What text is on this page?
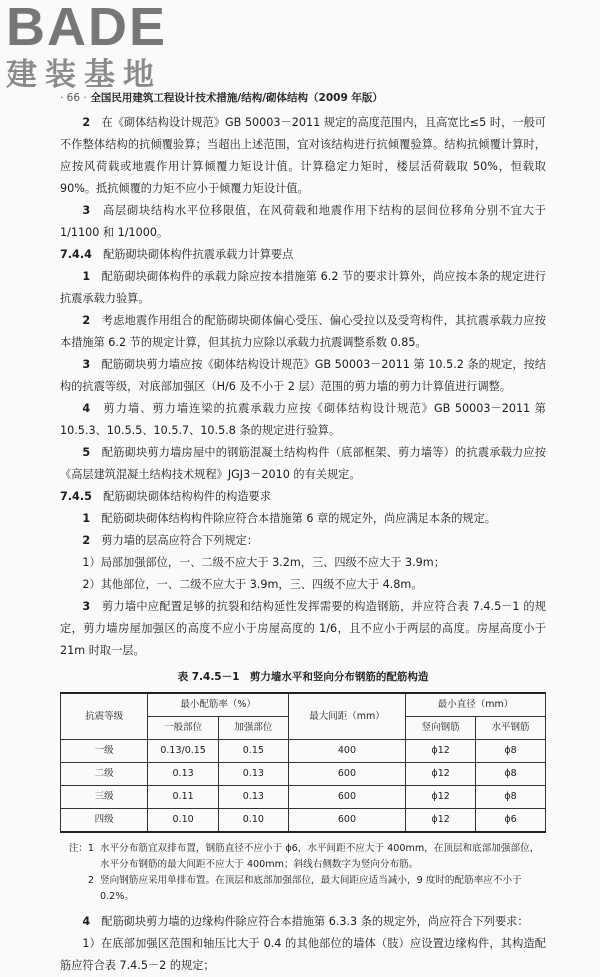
BADE
建装基地
· 66 · 全国民用建筑工程设计技术措施/结构/砌体结构（2009 年版）

2　 在《砌体结构设计规范》GB 50003－2011 规定的高度范围内，且高宽比≤5 时，一般可不作整体结构的抗倾覆验算；当超出上述范围，宜对该结构进行抗倾覆验算。结构抗倾覆计算时，应按风荷载或地震作用计算倾覆力矩设计值。计算稳定力矩时，楼层活荷载取 50%，恒载取 90%。抵抗倾覆的力矩不应小于倾覆力矩设计值。

3　 高层砌块结构水平位移限值，在风荷载和地震作用下结构的层间位移角分别不宜大于 1/1100 和 1/1000。

7.4.4　 配筋砌块砌体构件抗震承载力计算要点

1　 配筋砌块砌体构件的承载力除应按本措施第 6.2 节的要求计算外，尚应按本条的规定进行抗震承载力验算。

2　 考虑地震作用组合的配筋砌块砌体偏心受压、偏心受拉以及受弯构件，其抗震承载力应按本措施第 6.2 节的规定计算，但其抗力应除以承载力抗震调整系数 0.85。

3　 配筋砌块剪力墙应按《砌体结构设计规范》GB 50003－2011 第 10.5.2 条的规定，按结构的抗震等级，对底部加强区（H/6 及不小于 2 层）范围的剪力墙的剪力计算值进行调整。

4　 剪力墙、剪力墙连梁的抗震承载力应按《砌体结构设计规范》GB 50003－2011 第 10.5.3、10.5.5、10.5.7、10.5.8 条的规定进行验算。

5　 配筋砌块剪力墙房屋中的钢筋混凝土结构构件（底部框架、剪力墙等）的抗震承载力应按《高层建筑混凝土结构技术规程》JGJ3－2010 的有关规定。

7.4.5　 配筋砌块砌体结构构件的构造要求

1　 配筋砌块砌体结构构件除应符合本措施第 6 章的规定外，尚应满足本条的规定。

2　 剪力墙的层高应符合下列规定：

1）局部加强部位，一、二级不应大于 3.2m，三、四级不应大于 3.9m；

2）其他部位，一、二级不应大于 3.9m，三、四级不应大于 4.8m。

3　 剪力墙中应配置足够的抗裂和结构延性发挥需要的构造钢筋，并应符合表 7.4.5－1 的规定，剪力墙房屋加强区的高度不应小于房屋高度的 1/6，且不应小于两层的高度。房屋高度小于 21m 时取一层。

表 7.4.5－1　剪力墙水平和竖向分布钢筋的配筋构造

抗震等级	最小配筋率（%）		最大间距（mm）	最小直径（mm）	
	一般部位	加强部位		竖向钢筋	水平钢筋
一级	0.13/0.15	0.15	400	ϕ12	ϕ8
二级	0.13	0.13	600	ϕ12	ϕ8
三级	0.11	0.13	600	ϕ12	ϕ8
四级	0.10	0.10	600	ϕ12	ϕ6
注：1 水平分布筋宜双排布置，钢筋直径不应小于 ϕ6，水平间距不应大于 400mm，在顶层和底部加强部位，水平分布钢筋的最大间距不应大于 400mm；斜线右侧数字为竖向分布筋。
2 竖向钢筋应采用单排布置。在顶层和底部加强部位，最大间距应适当减小，9 度时的配筋率应不小于 0.2%。

4　 配筋砌块剪力墙的边缘构件除应符合本措施第 6.3.3 条的规定外，尚应符合下列要求：

1）在底部加强区范围和轴压比大于 0.4 的其他部位的墙体（肢）应设置边缘构件，其构造配筋应符合表 7.4.5－2 的规定；
